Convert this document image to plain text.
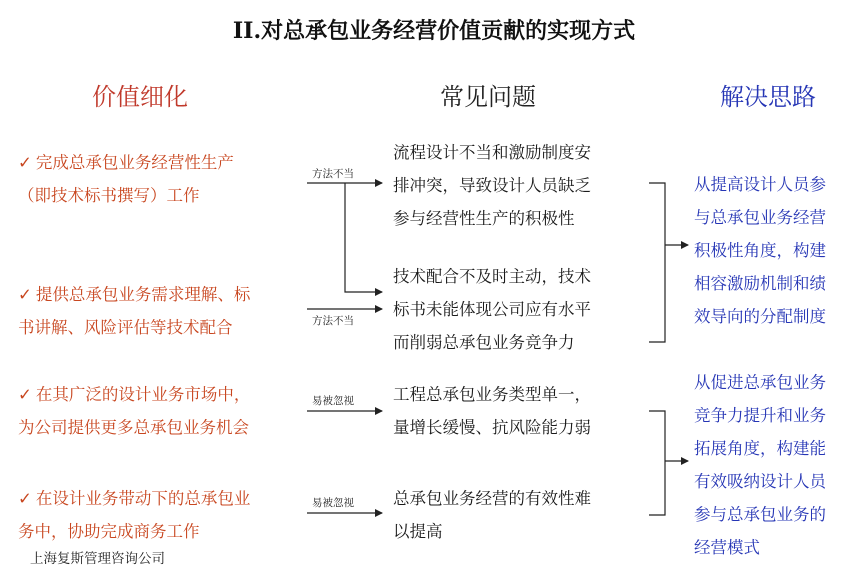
II.对总承包业务经营价值贡献的实现方式
价值细化	常见问题	解决思路
方法不当
方法不当
易被忽视
易被忽视
✓ 完成总承包业务经营性生产
（即技术标书撰写）工作
✓ 提供总承包业务需求理解、标
书讲解、风险评估等技术配合
✓ 在其广泛的设计业务市场中，
为公司提供更多总承包业务机会
✓ 在设计业务带动下的总承包业
务中，协助完成商务工作
流程设计不当和激励制度安
排冲突，导致设计人员缺乏
参与经营性生产的积极性
技术配合不及时主动，技术
标书未能体现公司应有水平
而削弱总承包业务竞争力
工程总承包业务类型单一，
量增长缓慢、抗风险能力弱
总承包业务经营的有效性难
以提高
从提高设计人员参
与总承包业务经营
积极性角度，构建
相容激励机制和绩
效导向的分配制度
从促进总承包业务
竞争力提升和业务
拓展角度，构建能
有效吸纳设计人员
参与总承包业务的
经营模式
上海复斯管理咨询公司
